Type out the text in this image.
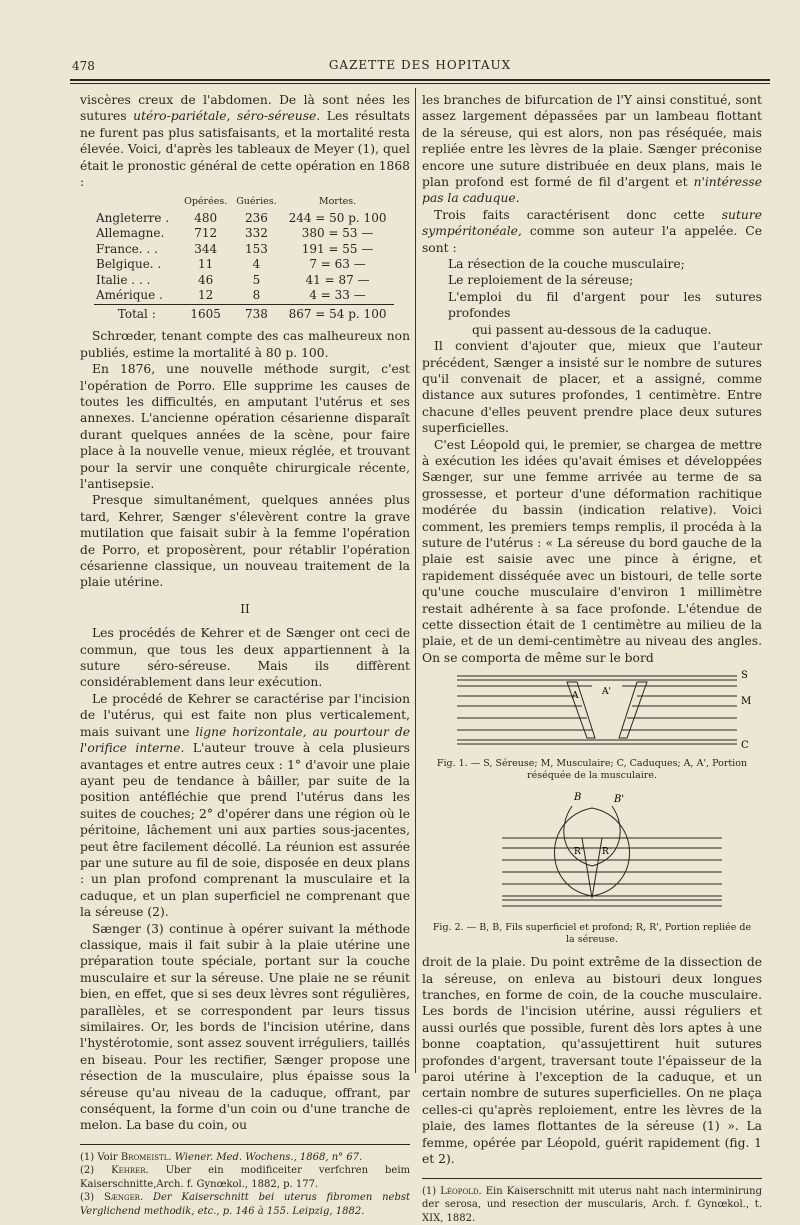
478	GAZETTE DES HOPITAUX

viscères creux de l'abdomen. De là sont nées les sutures utéro-pariétale, séro-séreuse. Les résultats ne furent pas plus satisfaisants, et la mortalité resta élevée. Voici, d'après les tableaux de Meyer (1), quel était le pronostic général de cette opération en 1868 :

	Opérées.	Guéries.	Mortes.
Angleterre .	480	236	244 = 50 p. 100
Allemagne.	712	332	380 = 53 —
France. . .	344	153	191 = 55 —
Belgique. .	11	4	7 = 63 —
Italie . . .	46	5	41 = 87 —
Amérique .	12	8	4 = 33 —
Total :	1605	738	867 = 54 p. 100

Schrœder, tenant compte des cas malheureux non publiés, estime la mortalité à 80 p. 100.

En 1876, une nouvelle méthode surgit, c'est l'opération de Porro. Elle supprime les causes de toutes les difficultés, en amputant l'utérus et ses annexes. L'ancienne opération césarienne disparaît durant quelques années de la scène, pour faire place à la nouvelle venue, mieux réglée, et trouvant pour la servir une conquête chirurgicale récente, l'antisepsie.

Presque simultanément, quelques années plus tard, Kehrer, Sænger s'élevèrent contre la grave mutilation que faisait subir à la femme l'opération de Porro, et proposèrent, pour rétablir l'opération césarienne classique, un nouveau traitement de la plaie utérine.

II

Les procédés de Kehrer et de Sænger ont ceci de commun, que tous les deux appartiennent à la suture séro-séreuse. Mais ils diffèrent considérablement dans leur exécution.

Le procédé de Kehrer se caractérise par l'incision de l'utérus, qui est faite non plus verticalement, mais suivant une ligne horizontale, au pourtour de l'orifice interne. L'auteur trouve à cela plusieurs avantages et entre autres ceux : 1° d'avoir une plaie ayant peu de tendance à bâiller, par suite de la position antéfléchie que prend l'utérus dans les suites de couches; 2° d'opérer dans une région où le péritoine, lâchement uni aux parties sous-jacentes, peut être facilement décollé. La réunion est assurée par une suture au fil de soie, disposée en deux plans : un plan profond comprenant la musculaire et la caduque, et un plan superficiel ne comprenant que la séreuse (2).

Sænger (3) continue à opérer suivant la méthode classique, mais il fait subir à la plaie utérine une préparation toute spéciale, portant sur la couche musculaire et sur la séreuse. Une plaie ne se réunit bien, en effet, que si ses deux lèvres sont régulières, parallèles, et se correspondent par leurs tissus similaires. Or, les bords de l'incision utérine, dans l'hystérotomie, sont assez souvent irréguliers, taillés en biseau. Pour les rectifier, Sænger propose une résection de la musculaire, plus épaisse sous la séreuse qu'au niveau de la caduque, offrant, par conséquent, la forme d'un coin ou d'une tranche de melon. La base du coin, ou

(1) Voir Bromeistl. Wiener. Med. Wochens., 1868, n° 67.
(2) Kehrer. Uber ein modificeiter verfchren beim Kaiserschnitte,Arch. f. Gynœkol., 1882, p. 177.
(3) Sænger. Der Kaiserschnitt bei uterus fibromen nebst Verglichend methodik, etc., p. 146 à 155. Leipzig, 1882.

les branches de bifurcation de l'Y ainsi constitué, sont assez largement dépassées par un lambeau flottant de la séreuse, qui est alors, non pas réséquée, mais repliée entre les lèvres de la plaie. Sænger préconise encore une suture distribuée en deux plans, mais le plan profond est formé de fil d'argent et n'intéresse pas la caduque.

Trois faits caractérisent donc cette suture sympéritonéale, comme son auteur l'a appelée. Ce sont :

La résection de la couche musculaire;
Le reploiement de la séreuse;
L'emploi du fil d'argent pour les sutures profondes
qui passent au-dessous de la caduque.

Il convient d'ajouter que, mieux que l'auteur précédent, Sænger a insisté sur le nombre de sutures qu'il convenait de placer, et a assigné, comme distance aux sutures profondes, 1 centimètre. Entre chacune d'elles peuvent prendre place deux sutures superficielles.

C'est Léopold qui, le premier, se chargea de mettre à exécution les idées qu'avait émises et développées Sænger, sur une femme arrivée au terme de sa grossesse, et porteur d'une déformation rachitique modérée du bassin (indication relative). Voici comment, les premiers temps remplis, il procéda à la suture de l'utérus : « La séreuse du bord gauche de la plaie est saisie avec une pince à érigne, et rapidement disséquée avec un bistouri, de telle sorte qu'une couche musculaire d'environ 1 millimètre restait adhérente à sa face profonde. L'étendue de cette dissection était de 1 centimètre au milieu de la plaie, et de un demi-centimètre au niveau des angles. On se comporta de même sur le bord

S
M
C
A	A'
Fig. 1. — S, Séreuse; M, Musculaire; C, Caduques; A, A', Portion réséquée de la musculaire.
B	B'
R
R'
Fig. 2. — B, B, Fils superficiel et profond; R, R', Portion repliée de la séreuse.

droit de la plaie. Du point extrême de la dissection de la séreuse, on enleva au bistouri deux longues tranches, en forme de coin, de la couche musculaire. Les bords de l'incision utérine, aussi réguliers et aussi ourlés que possible, furent dès lors aptes à une bonne coaptation, qu'assujettirent huit sutures profondes d'argent, traversant toute l'épaisseur de la paroi utérine à l'exception de la caduque, et un certain nombre de sutures superficielles. On ne plaça celles-ci qu'après reploiement, entre les lèvres de la plaie, des lames flottantes de la séreuse (1) ». La femme, opérée par Léopold, guérit rapidement (fig. 1 et 2).

(1) Léopold. Ein Kaiserschnitt mit uterus naht nach interminirung der serosa, und resection der muscularis, Arch. f. Gynœkol., t. XIX, 1882.
